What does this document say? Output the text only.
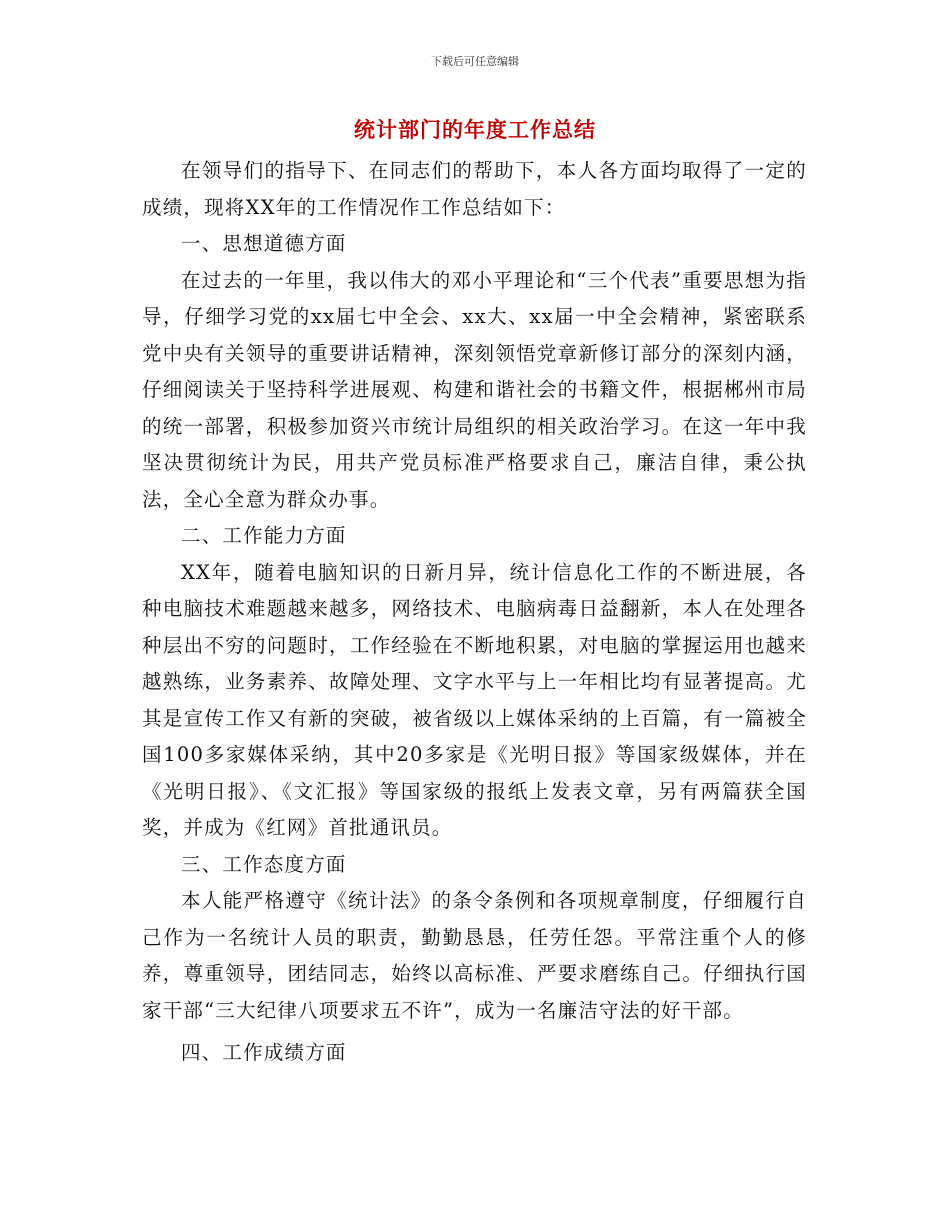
下载后可任意编辑
统计部门的年度工作总结

在领导们的指导下、在同志们的帮助下，本人各方面均取得了一定的成绩，现将XX年的工作情况作工作总结如下：

一、思想道德方面

在过去的一年里，我以伟大的邓小平理论和“三个代表”重要思想为指导，仔细学习党的xx届七中全会、xx大、xx届一中全会精神，紧密联系党中央有关领导的重要讲话精神，深刻领悟党章新修订部分的深刻内涵，仔细阅读关于坚持科学进展观、构建和谐社会的书籍文件，根据郴州市局的统一部署，积极参加资兴市统计局组织的相关政治学习。在这一年中我坚决贯彻统计为民，用共产党员标准严格要求自己，廉洁自律，秉公执法，全心全意为群众办事。

二、工作能力方面

XX年，随着电脑知识的日新月异，统计信息化工作的不断进展，各种电脑技术难题越来越多，网络技术、电脑病毒日益翻新，本人在处理各种层出不穷的问题时，工作经验在不断地积累，对电脑的掌握运用也越来越熟练，业务素养、故障处理、文字水平与上一年相比均有显著提高。尤其是宣传工作又有新的突破，被省级以上媒体采纳的上百篇，有一篇被全国100多家媒体采纳，其中20多家是《光明日报》等国家级媒体，并在《光明日报》、《文汇报》等国家级的报纸上发表文章，另有两篇获全国奖，并成为《红网》首批通讯员。

三、工作态度方面

本人能严格遵守《统计法》的条令条例和各项规章制度，仔细履行自己作为一名统计人员的职责，勤勤恳恳，任劳任怨。平常注重个人的修养，尊重领导，团结同志，始终以高标准、严要求磨练自己。仔细执行国家干部“三大纪律八项要求五不许”，成为一名廉洁守法的好干部。

四、工作成绩方面
